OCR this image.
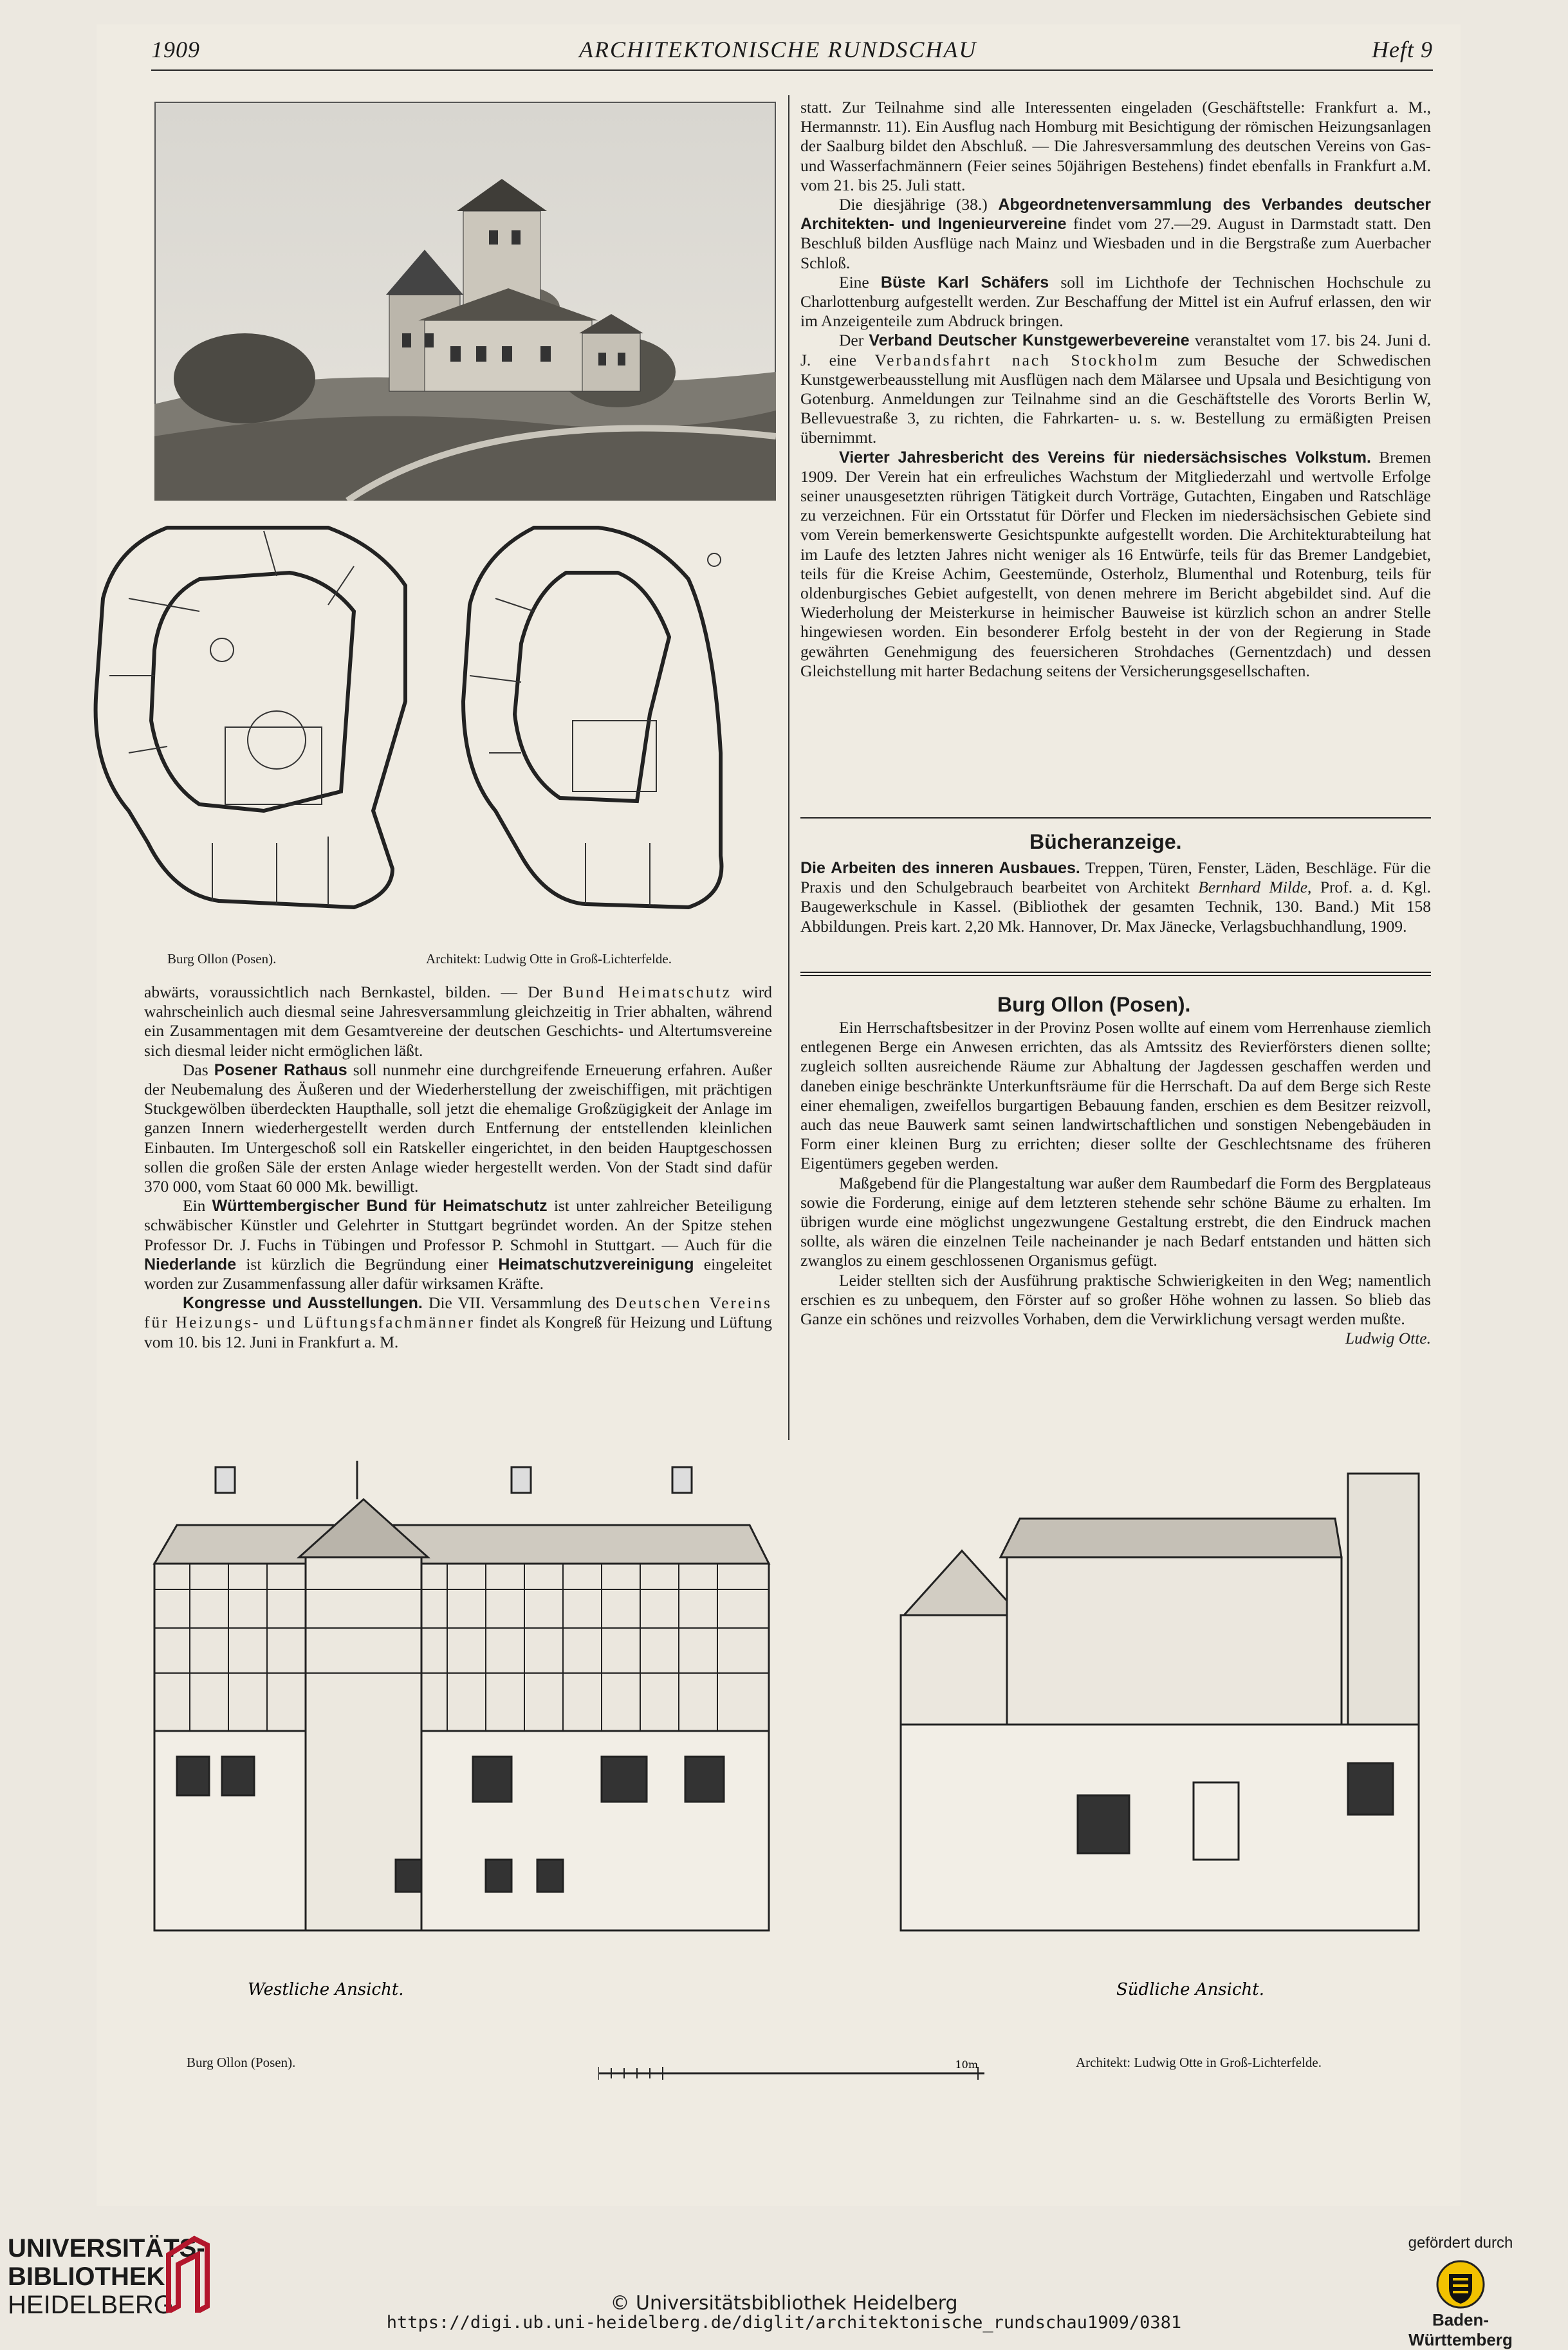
1909	ARCHITEKTONISCHE RUNDSCHAU	Heft 9
Burg Ollon (Posen).	Architekt: Ludwig Otte in Groß-Lichterfelde.

abwärts, voraussichtlich nach Bernkastel, bilden. — Der Bund Heimatschutz wird wahrscheinlich auch diesmal seine Jahresversammlung gleichzeitig in Trier abhalten, während ein Zusammentagen mit dem Gesamtvereine der deutschen Geschichts- und Altertumsvereine sich diesmal leider nicht ermöglichen läßt.

Das Posener Rathaus soll nunmehr eine durchgreifende Erneuerung erfahren. Außer der Neubemalung des Äußeren und der Wiederherstellung der zweischiffigen, mit prächtigen Stuckgewölben überdeckten Haupthalle, soll jetzt die ehemalige Großzügigkeit der Anlage im ganzen Innern wiederhergestellt werden durch Entfernung der entstellenden kleinlichen Einbauten. Im Untergeschoß soll ein Ratskeller eingerichtet, in den beiden Hauptgeschossen sollen die großen Säle der ersten Anlage wieder hergestellt werden. Von der Stadt sind dafür 370 000, vom Staat 60 000 Mk. bewilligt.

Ein Württembergischer Bund für Heimatschutz ist unter zahlreicher Beteiligung schwäbischer Künstler und Gelehrter in Stuttgart begründet worden. An der Spitze stehen Professor Dr. J. Fuchs in Tübingen und Professor P. Schmohl in Stuttgart. — Auch für die Niederlande ist kürzlich die Begründung einer Heimatschutzvereinigung eingeleitet worden zur Zusammenfassung aller dafür wirksamen Kräfte.

Kongresse und Ausstellungen. Die VII. Versammlung des Deutschen Vereins für Heizungs- und Lüftungsfachmänner findet als Kongreß für Heizung und Lüftung vom 10. bis 12. Juni in Frankfurt a. M.

statt. Zur Teilnahme sind alle Interessenten eingeladen (Geschäftstelle: Frankfurt a. M., Hermannstr. 11). Ein Ausflug nach Homburg mit Besichtigung der römischen Heizungsanlagen der Saalburg bildet den Abschluß. — Die Jahresversammlung des deutschen Vereins von Gas- und Wasserfachmännern (Feier seines 50jährigen Bestehens) findet ebenfalls in Frankfurt a.M. vom 21. bis 25. Juli statt.

Die diesjährige (38.) Abgeordnetenversammlung des Verbandes deutscher Architekten- und Ingenieurvereine findet vom 27.—29. August in Darmstadt statt. Den Beschluß bilden Ausflüge nach Mainz und Wiesbaden und in die Bergstraße zum Auerbacher Schloß.

Eine Büste Karl Schäfers soll im Lichthofe der Technischen Hochschule zu Charlottenburg aufgestellt werden. Zur Beschaffung der Mittel ist ein Aufruf erlassen, den wir im Anzeigenteile zum Abdruck bringen.

Der Verband Deutscher Kunstgewerbevereine veranstaltet vom 17. bis 24. Juni d. J. eine Verbandsfahrt nach Stockholm zum Besuche der Schwedischen Kunstgewerbeausstellung mit Ausflügen nach dem Mälarsee und Upsala und Besichtigung von Gotenburg. Anmeldungen zur Teilnahme sind an die Geschäftstelle des Vororts Berlin W, Bellevuestraße 3, zu richten, die Fahrkarten- u. s. w. Bestellung zu ermäßigten Preisen übernimmt.

Vierter Jahresbericht des Vereins für niedersächsisches Volkstum. Bremen 1909. Der Verein hat ein erfreuliches Wachstum der Mitgliederzahl und wertvolle Erfolge seiner unausgesetzten rührigen Tätigkeit durch Vorträge, Gutachten, Eingaben und Ratschläge zu verzeichnen. Für ein Ortsstatut für Dörfer und Flecken im niedersächsischen Gebiete sind vom Verein bemerkenswerte Gesichtspunkte aufgestellt worden. Die Architekturabteilung hat im Laufe des letzten Jahres nicht weniger als 16 Entwürfe, teils für das Bremer Landgebiet, teils für die Kreise Achim, Geestemünde, Osterholz, Blumenthal und Rotenburg, teils für oldenburgisches Gebiet aufgestellt, von denen mehrere im Bericht abgebildet sind. Auf die Wiederholung der Meisterkurse in heimischer Bauweise ist kürzlich schon an andrer Stelle hingewiesen worden. Ein besonderer Erfolg besteht in der von der Regierung in Stade gewährten Genehmigung des feuersicheren Strohdaches (Gernentzdach) und dessen Gleichstellung mit harter Bedachung seitens der Versicherungsgesellschaften.

Bücheranzeige.

Die Arbeiten des inneren Ausbaues. Treppen, Türen, Fenster, Läden, Beschläge. Für die Praxis und den Schulgebrauch bearbeitet von Architekt Bernhard Milde, Prof. a. d. Kgl. Baugewerkschule in Kassel. (Bibliothek der gesamten Technik, 130. Band.) Mit 158 Abbildungen. Preis kart. 2,20 Mk. Hannover, Dr. Max Jänecke, Verlagsbuchhandlung, 1909.

Burg Ollon (Posen).

Ein Herrschaftsbesitzer in der Provinz Posen wollte auf einem vom Herrenhause ziemlich entlegenen Berge ein Anwesen errichten, das als Amtssitz des Revierförsters dienen sollte; zugleich sollten ausreichende Räume zur Abhaltung der Jagdessen geschaffen werden und daneben einige beschränkte Unterkunftsräume für die Herrschaft. Da auf dem Berge sich Reste einer ehemaligen, zweifellos burgartigen Bebauung fanden, erschien es dem Besitzer reizvoll, auch das neue Bauwerk samt seinen landwirtschaftlichen und sonstigen Nebengebäuden in Form einer kleinen Burg zu errichten; dieser sollte der Geschlechtsname des früheren Eigentümers gegeben werden.

Maßgebend für die Plangestaltung war außer dem Raumbedarf die Form des Bergplateaus sowie die Forderung, einige auf dem letzteren stehende sehr schöne Bäume zu erhalten. Im übrigen wurde eine möglichst ungezwungene Gestaltung erstrebt, die den Eindruck machen sollte, als wären die einzelnen Teile nacheinander je nach Bedarf entstanden und hätten sich zwanglos zu einem geschlossenen Organismus gefügt.

Leider stellten sich der Ausführung praktische Schwierigkeiten in den Weg; namentlich erschien es zu unbequem, den Förster auf so großer Höhe wohnen zu lassen. So blieb das Ganze ein schönes und reizvolles Vorhaben, dem die Verwirklichung versagt werden mußte.
Ludwig Otte.

Westliche Ansicht.	Südliche Ansicht.
10m
Burg Ollon (Posen).	Architekt: Ludwig Otte in Groß-Lichterfelde.
UNIVERSITÄTS-
BIBLIOTHEK
HEIDELBERG	© Universitätsbibliothek Heidelberg
https://digi.ub.uni-heidelberg.de/diglit/architektonische_rundschau1909/0381
gefördert durch
Baden-Württemberg
